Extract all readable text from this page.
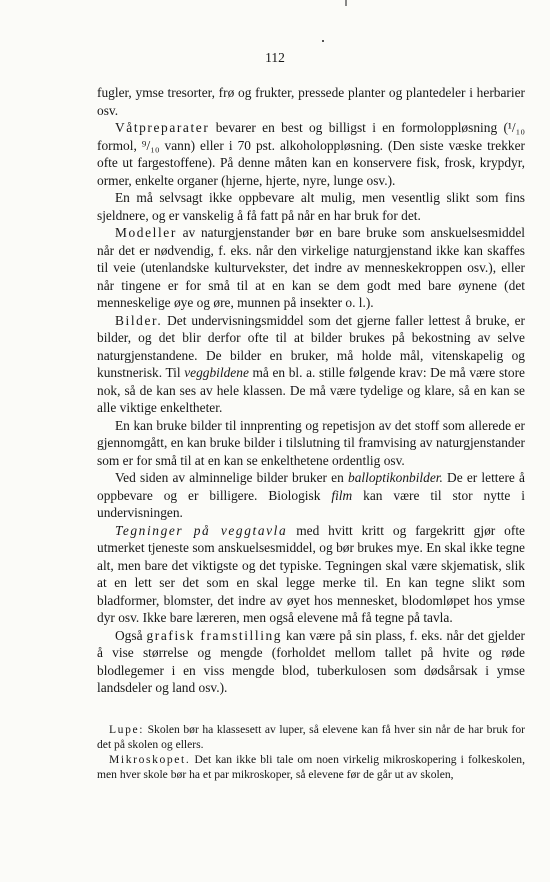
112

fugler, ymse tresorter, frø og frukter, pressede planter og plantedeler i herbarier osv.

Våtpreparater bevarer en best og billigst i en formoloppløsning (¹/₁₀ formol, ⁹/₁₀ vann) eller i 70 pst. alkoholoppløsning. (Den siste væske trekker ofte ut fargestoffene). På denne måten kan en konservere fisk, frosk, krypdyr, ormer, enkelte organer (hjerne, hjerte, nyre, lunge osv.).

En må selvsagt ikke oppbevare alt mulig, men vesentlig slikt som fins sjeldnere, og er vanskelig å få fatt på når en har bruk for det.

Modeller av naturgjenstander bør en bare bruke som anskuelsesmiddel når det er nødvendig, f. eks. når den virkelige naturgjenstand ikke kan skaffes til veie (utenlandske kulturvekster, det indre av menneskekroppen osv.), eller når tingene er for små til at en kan se dem godt med bare øynene (det menneskelige øye og øre, munnen på insekter o. l.).

Bilder. Det undervisningsmiddel som det gjerne faller lettest å bruke, er bilder, og det blir derfor ofte til at bilder brukes på bekostning av selve naturgjenstandene. De bilder en bruker, må holde mål, vitenskapelig og kunstnerisk. Til veggbildene må en bl. a. stille følgende krav: De må være store nok, så de kan ses av hele klassen. De må være tydelige og klare, så en kan se alle viktige enkeltheter.

En kan bruke bilder til innprenting og repetisjon av det stoff som allerede er gjennomgått, en kan bruke bilder i tilslutning til framvising av naturgjenstander som er for små til at en kan se enkelthetene ordentlig osv.

Ved siden av alminnelige bilder bruker en balloptikonbilder. De er lettere å oppbevare og er billigere. Biologisk film kan være til stor nytte i undervisningen.

Tegninger på veggtavla med hvitt kritt og fargekritt gjør ofte utmerket tjeneste som anskuelsesmiddel, og bør brukes mye. En skal ikke tegne alt, men bare det viktigste og det typiske. Tegningen skal være skjematisk, slik at en lett ser det som en skal legge merke til. En kan tegne slikt som bladformer, blomster, det indre av øyet hos mennesket, blodomløpet hos ymse dyr osv. Ikke bare læreren, men også elevene må få tegne på tavla.

Også grafisk framstilling kan være på sin plass, f. eks. når det gjelder å vise størrelse og mengde (forholdet mellom tallet på hvite og røde blodlegemer i en viss mengde blod, tuberkulosen som dødsårsak i ymse landsdeler og land osv.).

Lupe: Skolen bør ha klassesett av luper, så elevene kan få hver sin når de har bruk for det på skolen og ellers.

Mikroskopet. Det kan ikke bli tale om noen virkelig mikroskopering i folkeskolen, men hver skole bør ha et par mikroskoper, så elevene før de går ut av skolen,
